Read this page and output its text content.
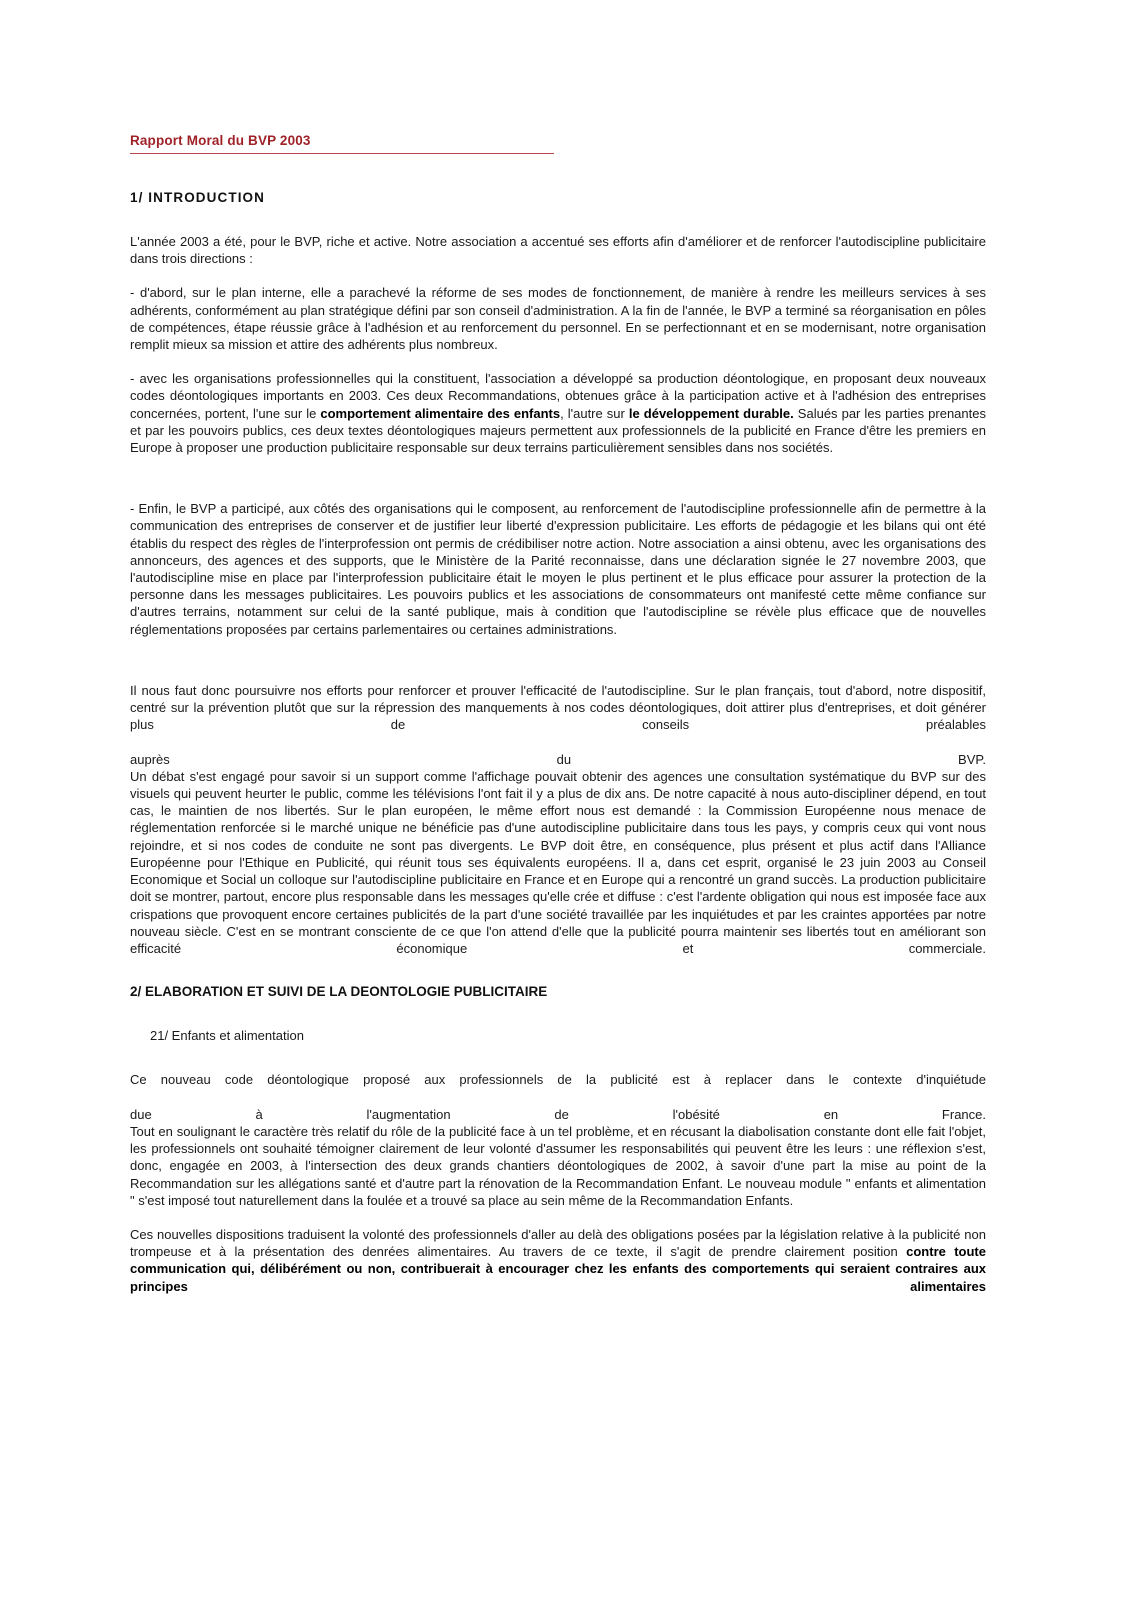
Rapport Moral du BVP 2003
1/ INTRODUCTION

L'année 2003 a été, pour le BVP, riche et active. Notre association a accentué ses efforts afin d'améliorer et de renforcer l'autodiscipline publicitaire dans trois directions :

- d'abord, sur le plan interne, elle a parachevé la réforme de ses modes de fonctionnement, de manière à rendre les meilleurs services à ses adhérents, conformément au plan stratégique défini par son conseil d'administration. A la fin de l'année, le BVP a terminé sa réorganisation en pôles de compétences, étape réussie grâce à l'adhésion et au renforcement du personnel. En se perfectionnant et en se modernisant, notre organisation remplit mieux sa mission et attire des adhérents plus nombreux.

- avec les organisations professionnelles qui la constituent, l'association a développé sa production déontologique, en proposant deux nouveaux codes déontologiques importants en 2003. Ces deux Recommandations, obtenues grâce à la participation active et à l'adhésion des entreprises concernées, portent, l'une sur le comportement alimentaire des enfants, l'autre sur le développement durable. Salués par les parties prenantes et par les pouvoirs publics, ces deux textes déontologiques majeurs permettent aux professionnels de la publicité en France d'être les premiers en Europe à proposer une production publicitaire responsable sur deux terrains particulièrement sensibles dans nos sociétés.

- Enfin, le BVP a participé, aux côtés des organisations qui le composent, au renforcement de l'autodiscipline professionnelle afin de permettre à la communication des entreprises de conserver et de justifier leur liberté d'expression publicitaire. Les efforts de pédagogie et les bilans qui ont été établis du respect des règles de l'interprofession ont permis de crédibiliser notre action. Notre association a ainsi obtenu, avec les organisations des annonceurs, des agences et des supports, que le Ministère de la Parité reconnaisse, dans une déclaration signée le 27 novembre 2003, que l'autodiscipline mise en place par l'interprofession publicitaire était le moyen le plus pertinent et le plus efficace pour assurer la protection de la personne dans les messages publicitaires. Les pouvoirs publics et les associations de consommateurs ont manifesté cette même confiance sur d'autres terrains, notamment sur celui de la santé publique, mais à condition que l'autodiscipline se révèle plus efficace que de nouvelles réglementations proposées par certains parlementaires ou certaines administrations.

Il nous faut donc poursuivre nos efforts pour renforcer et prouver l'efficacité de l'autodiscipline. Sur le plan français, tout d'abord, notre dispositif, centré sur la prévention plutôt que sur la répression des manquements à nos codes déontologiques, doit attirer plus d'entreprises, et doit générer plus de conseils préalables

auprès	du	BVP.

Un débat s'est engagé pour savoir si un support comme l'affichage pouvait obtenir des agences une consultation systématique du BVP sur des visuels qui peuvent heurter le public, comme les télévisions l'ont fait il y a plus de dix ans. De notre capacité à nous auto-discipliner dépend, en tout cas, le maintien de nos libertés. Sur le plan européen, le même effort nous est demandé : la Commission Européenne nous menace de réglementation renforcée si le marché unique ne bénéficie pas d'une autodiscipline publicitaire dans tous les pays, y compris ceux qui vont nous rejoindre, et si nos codes de conduite ne sont pas divergents. Le BVP doit être, en conséquence, plus présent et plus actif dans l'Alliance Européenne pour l'Ethique en Publicité, qui réunit tous ses équivalents européens. Il a, dans cet esprit, organisé le 23 juin 2003 au Conseil Economique et Social un colloque sur l'autodiscipline publicitaire en France et en Europe qui a rencontré un grand succès. La production publicitaire doit se montrer, partout, encore plus responsable dans les messages qu'elle crée et diffuse : c'est l'ardente obligation qui nous est imposée face aux crispations que provoquent encore certaines publicités de la part d'une société travaillée par les inquiétudes et par les craintes apportées par notre nouveau siècle. C'est en se montrant consciente de ce que l'on attend d'elle que la publicité pourra maintenir ses libertés tout en améliorant son efficacité économique et commerciale.

2/ ELABORATION ET SUIVI DE LA DEONTOLOGIE PUBLICITAIRE
21/ Enfants et alimentation

Ce nouveau code déontologique proposé aux professionnels de la publicité est à replacer dans le contexte d'inquiétude

due	à	l'augmentation	de	l'obésité	en	France.

Tout en soulignant le caractère très relatif du rôle de la publicité face à un tel problème, et en récusant la diabolisation constante dont elle fait l'objet, les professionnels ont souhaité témoigner clairement de leur volonté d'assumer les responsabilités qui peuvent être les leurs : une réflexion s'est, donc, engagée en 2003, à l'intersection des deux grands chantiers déontologiques de 2002, à savoir d'une part la mise au point de la Recommandation sur les allégations santé et d'autre part la rénovation de la Recommandation Enfant. Le nouveau module " enfants et alimentation " s'est imposé tout naturellement dans la foulée et a trouvé sa place au sein même de la Recommandation Enfants.

Ces nouvelles dispositions traduisent la volonté des professionnels d'aller au delà des obligations posées par la législation relative à la publicité non trompeuse et à la présentation des denrées alimentaires. Au travers de ce texte, il s'agit de prendre clairement position contre toute communication qui, délibérément ou non, contribuerait à encourager chez les enfants des comportements qui seraient contraires aux principes alimentaires
